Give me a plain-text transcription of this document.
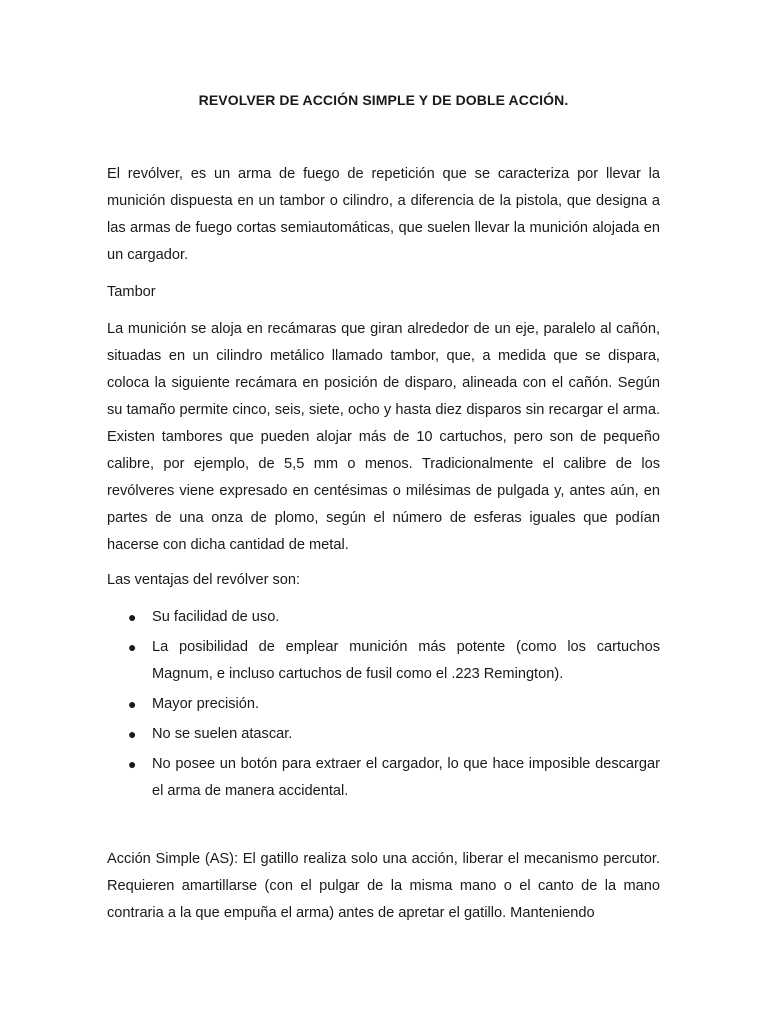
REVOLVER DE ACCIÓN SIMPLE Y DE DOBLE ACCIÓN.

El revólver, es un arma de fuego de repetición que se caracteriza por llevar la munición dispuesta en un tambor o cilindro, a diferencia de la pistola, que designa a las armas de fuego cortas semiautomáticas, que suelen llevar la munición alojada en un cargador.

Tambor

La munición se aloja en recámaras que giran alrededor de un eje, paralelo al cañón, situadas en un cilindro metálico llamado tambor, que, a medida que se dispara, coloca la siguiente recámara en posición de disparo, alineada con el cañón. Según su tamaño permite cinco, seis, siete, ocho y hasta diez disparos sin recargar el arma. Existen tambores que pueden alojar más de 10 cartuchos, pero son de pequeño calibre, por ejemplo, de 5,5 mm o menos. Tradicionalmente el calibre de los revólveres viene expresado en centésimas o milésimas de pulgada y, antes aún, en partes de una onza de plomo, según el número de esferas iguales que podían hacerse con dicha cantidad de metal.

Las ventajas del revólver son:

● Su facilidad de uso.
● La posibilidad de emplear munición más potente (como los cartuchos Magnum, e incluso cartuchos de fusil como el .223 Remington).
● Mayor precisión.
● No se suelen atascar.
● No posee un botón para extraer el cargador, lo que hace imposible descargar el arma de manera accidental.

Acción Simple (AS): El gatillo realiza solo una acción, liberar el mecanismo percutor. Requieren amartillarse (con el pulgar de la misma mano o el canto de la mano contraria a la que empuña el arma) antes de apretar el gatillo. Manteniendo
